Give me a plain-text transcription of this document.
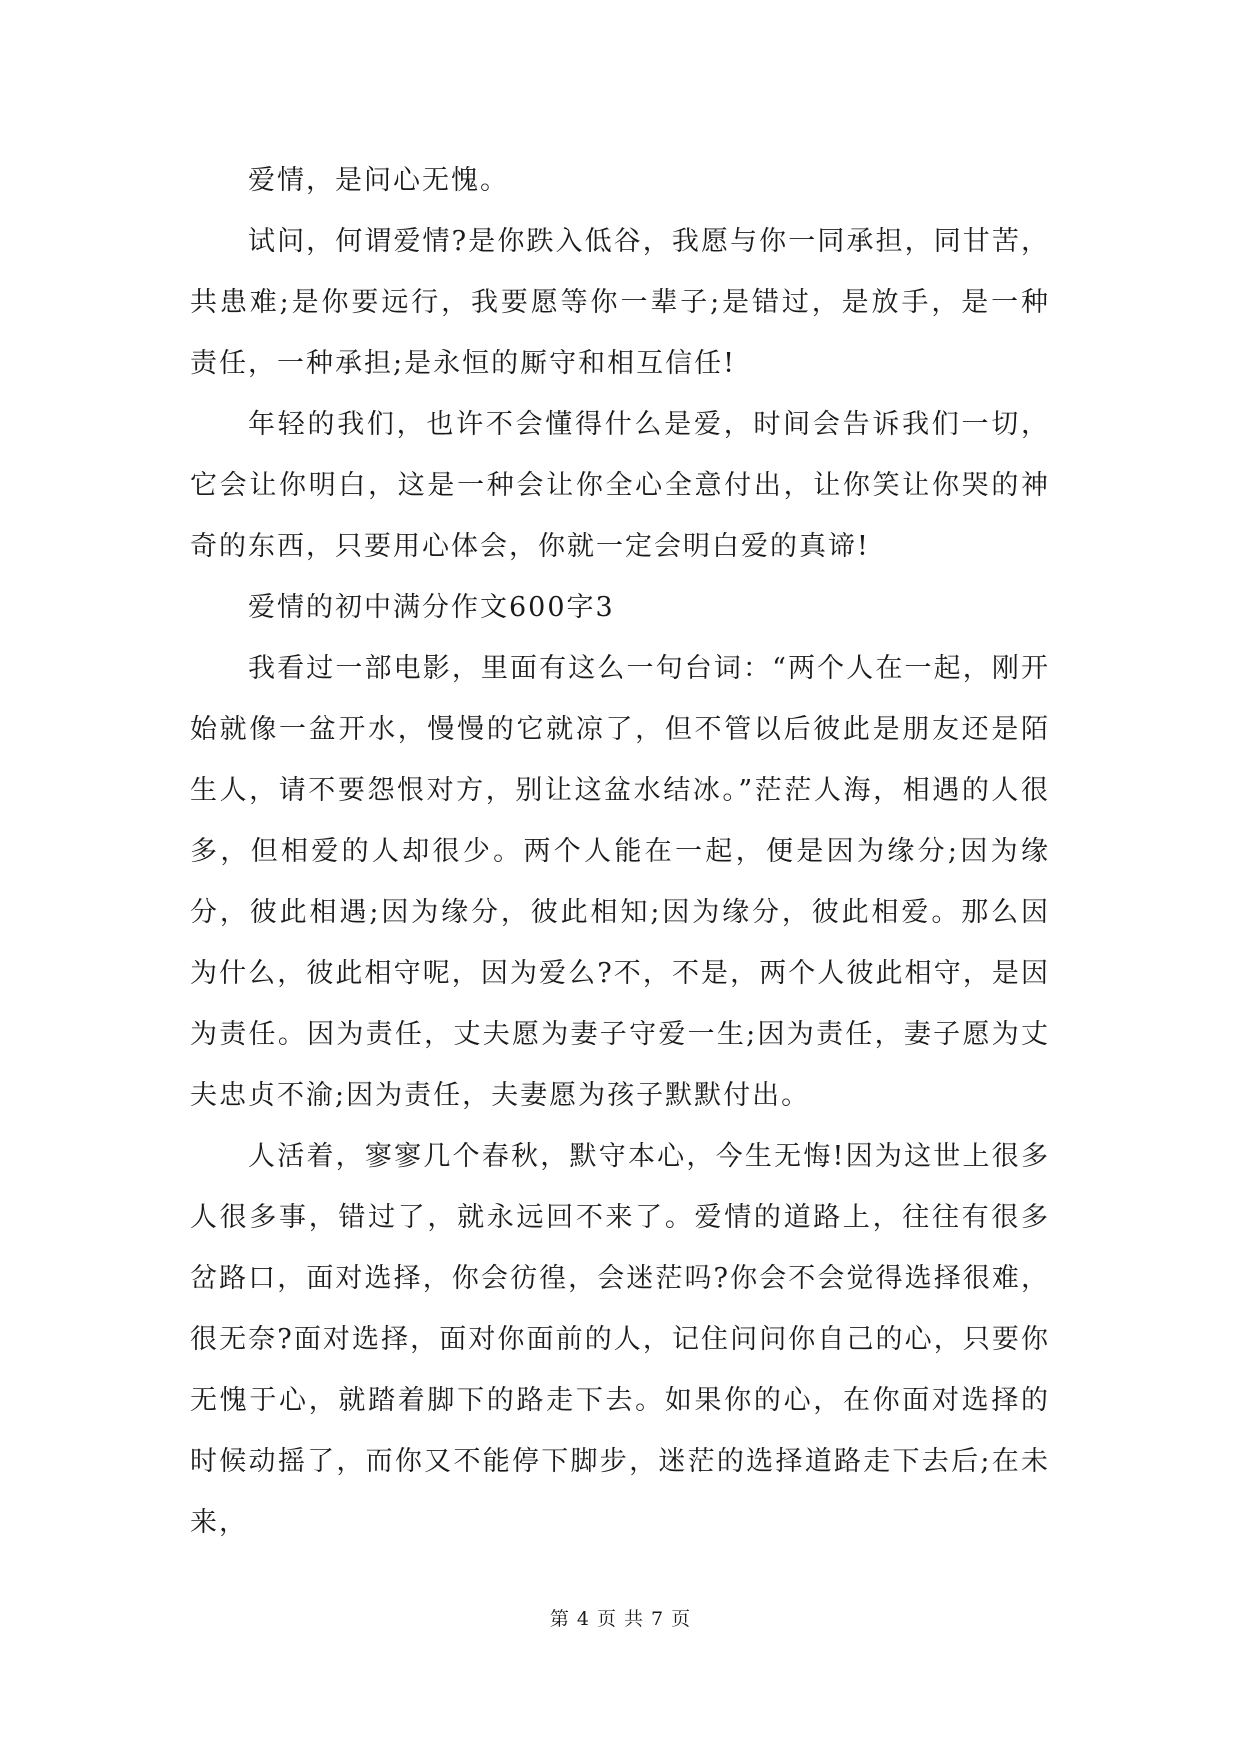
爱情，是问心无愧。

试问，何谓爱情?是你跌入低谷，我愿与你一同承担，同甘苦，共患难;是你要远行，我要愿等你一辈子;是错过，是放手，是一种责任，一种承担;是永恒的厮守和相互信任!

年轻的我们，也许不会懂得什么是爱，时间会告诉我们一切，它会让你明白，这是一种会让你全心全意付出，让你笑让你哭的神奇的东西，只要用心体会，你就一定会明白爱的真谛!

爱情的初中满分作文600字3

我看过一部电影，里面有这么一句台词：“两个人在一起，刚开始就像一盆开水，慢慢的它就凉了，但不管以后彼此是朋友还是陌生人，请不要怨恨对方，别让这盆水结冰。”茫茫人海，相遇的人很多，但相爱的人却很少。两个人能在一起，便是因为缘分;因为缘分，彼此相遇;因为缘分，彼此相知;因为缘分，彼此相爱。那么因为什么，彼此相守呢，因为爱么?不，不是，两个人彼此相守，是因为责任。因为责任，丈夫愿为妻子守爱一生;因为责任，妻子愿为丈夫忠贞不渝;因为责任，夫妻愿为孩子默默付出。

人活着，寥寥几个春秋，默守本心，今生无悔!因为这世上很多人很多事，错过了，就永远回不来了。爱情的道路上，往往有很多岔路口，面对选择，你会彷徨，会迷茫吗?你会不会觉得选择很难，很无奈?面对选择，面对你面前的人，记住问问你自己的心，只要你无愧于心，就踏着脚下的路走下去。如果你的心，在你面对选择的时候动摇了，而你又不能停下脚步，迷茫的选择道路走下去后;在未来，

第 4 页 共 7 页
